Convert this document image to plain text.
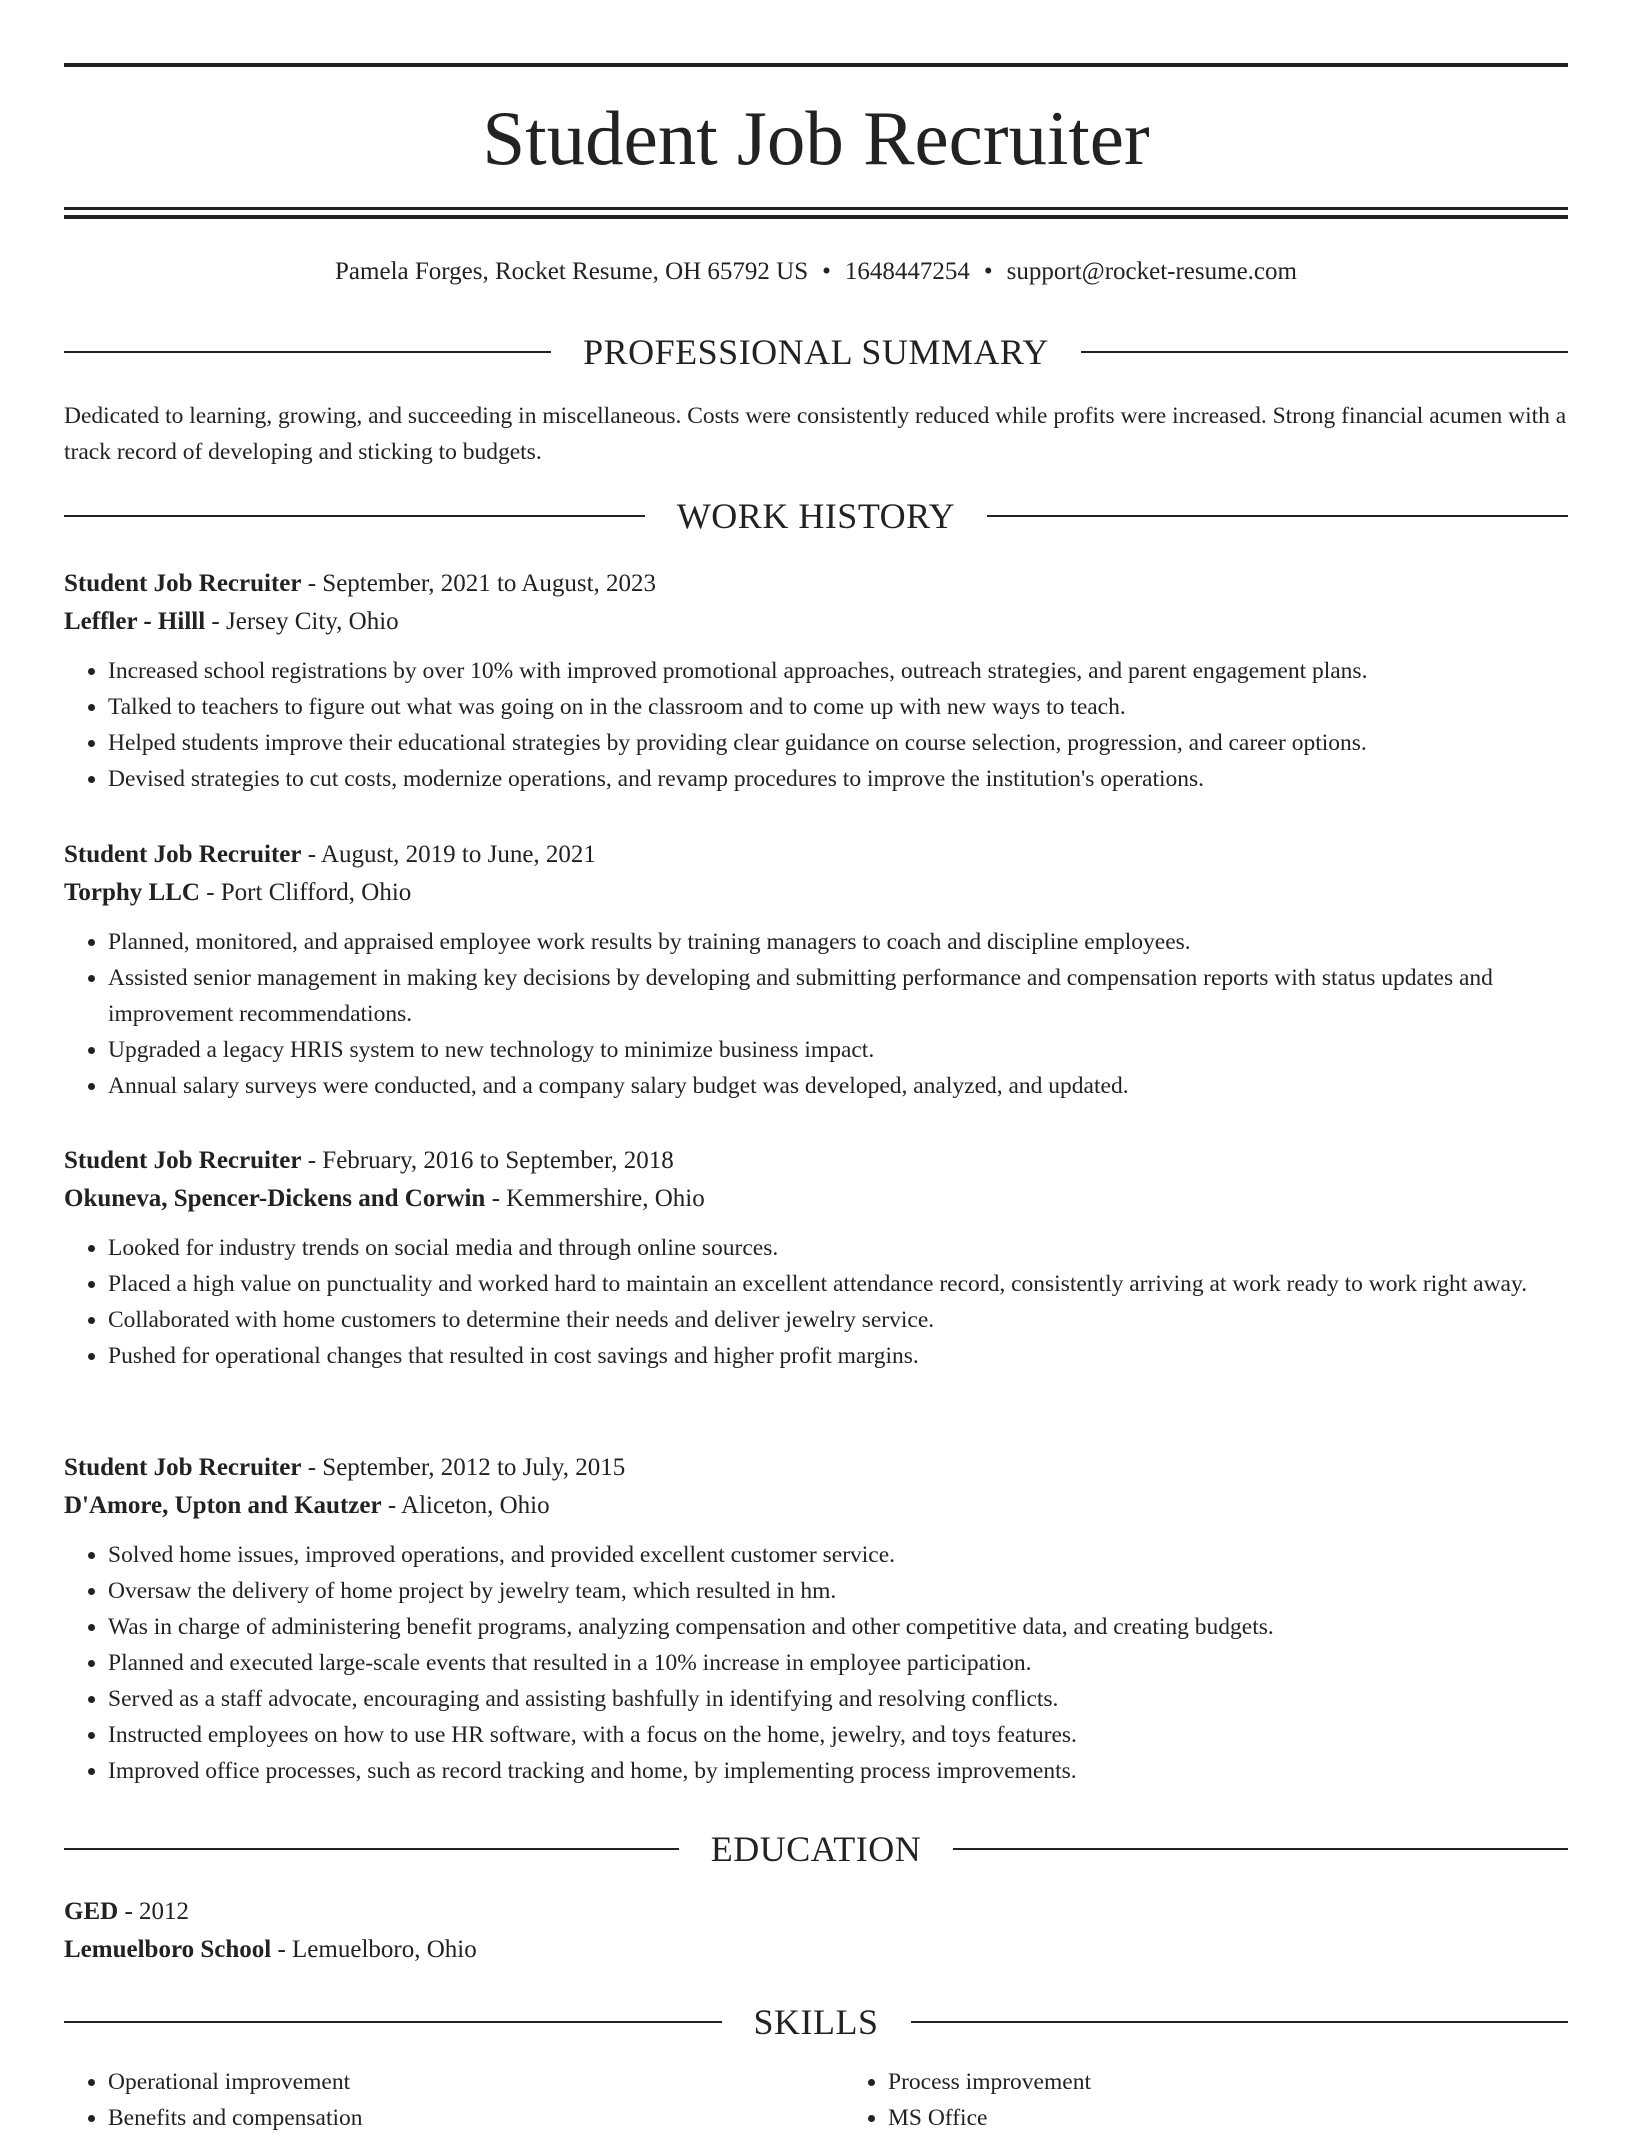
Student Job Recruiter
Pamela Forges, Rocket Resume, OH 65792 US • 1648447254 • support@rocket-resume.com
PROFESSIONAL SUMMARY

Dedicated to learning, growing, and succeeding in miscellaneous. Costs were consistently reduced while profits were increased. Strong financial acumen with a track record of developing and sticking to budgets.

WORK HISTORY
Student Job Recruiter - September, 2021 to August, 2023
Leffler - Hilll - Jersey City, Ohio
• Increased school registrations by over 10% with improved promotional approaches, outreach strategies, and parent engagement plans.
• Talked to teachers to figure out what was going on in the classroom and to come up with new ways to teach.
• Helped students improve their educational strategies by providing clear guidance on course selection, progression, and career options.
• Devised strategies to cut costs, modernize operations, and revamp procedures to improve the institution's operations.
Student Job Recruiter - August, 2019 to June, 2021
Torphy LLC - Port Clifford, Ohio
• Planned, monitored, and appraised employee work results by training managers to coach and discipline employees.
• Assisted senior management in making key decisions by developing and submitting performance and compensation reports with status updates and improvement recommendations.
• Upgraded a legacy HRIS system to new technology to minimize business impact.
• Annual salary surveys were conducted, and a company salary budget was developed, analyzed, and updated.
Student Job Recruiter - February, 2016 to September, 2018
Okuneva, Spencer-Dickens and Corwin - Kemmershire, Ohio
• Looked for industry trends on social media and through online sources.
• Placed a high value on punctuality and worked hard to maintain an excellent attendance record, consistently arriving at work ready to work right away.
• Collaborated with home customers to determine their needs and deliver jewelry service.
• Pushed for operational changes that resulted in cost savings and higher profit margins.
Student Job Recruiter - September, 2012 to July, 2015
D'Amore, Upton and Kautzer - Aliceton, Ohio
• Solved home issues, improved operations, and provided excellent customer service.
• Oversaw the delivery of home project by jewelry team, which resulted in hm.
• Was in charge of administering benefit programs, analyzing compensation and other competitive data, and creating budgets.
• Planned and executed large-scale events that resulted in a 10% increase in employee participation.
• Served as a staff advocate, encouraging and assisting bashfully in identifying and resolving conflicts.
• Instructed employees on how to use HR software, with a focus on the home, jewelry, and toys features.
• Improved office processes, such as record tracking and home, by implementing process improvements.
EDUCATION
GED - 2012
Lemuelboro School - Lemuelboro, Ohio
SKILLS
• Operational improvement
• Benefits and compensation
• Process improvement
• MS Office
